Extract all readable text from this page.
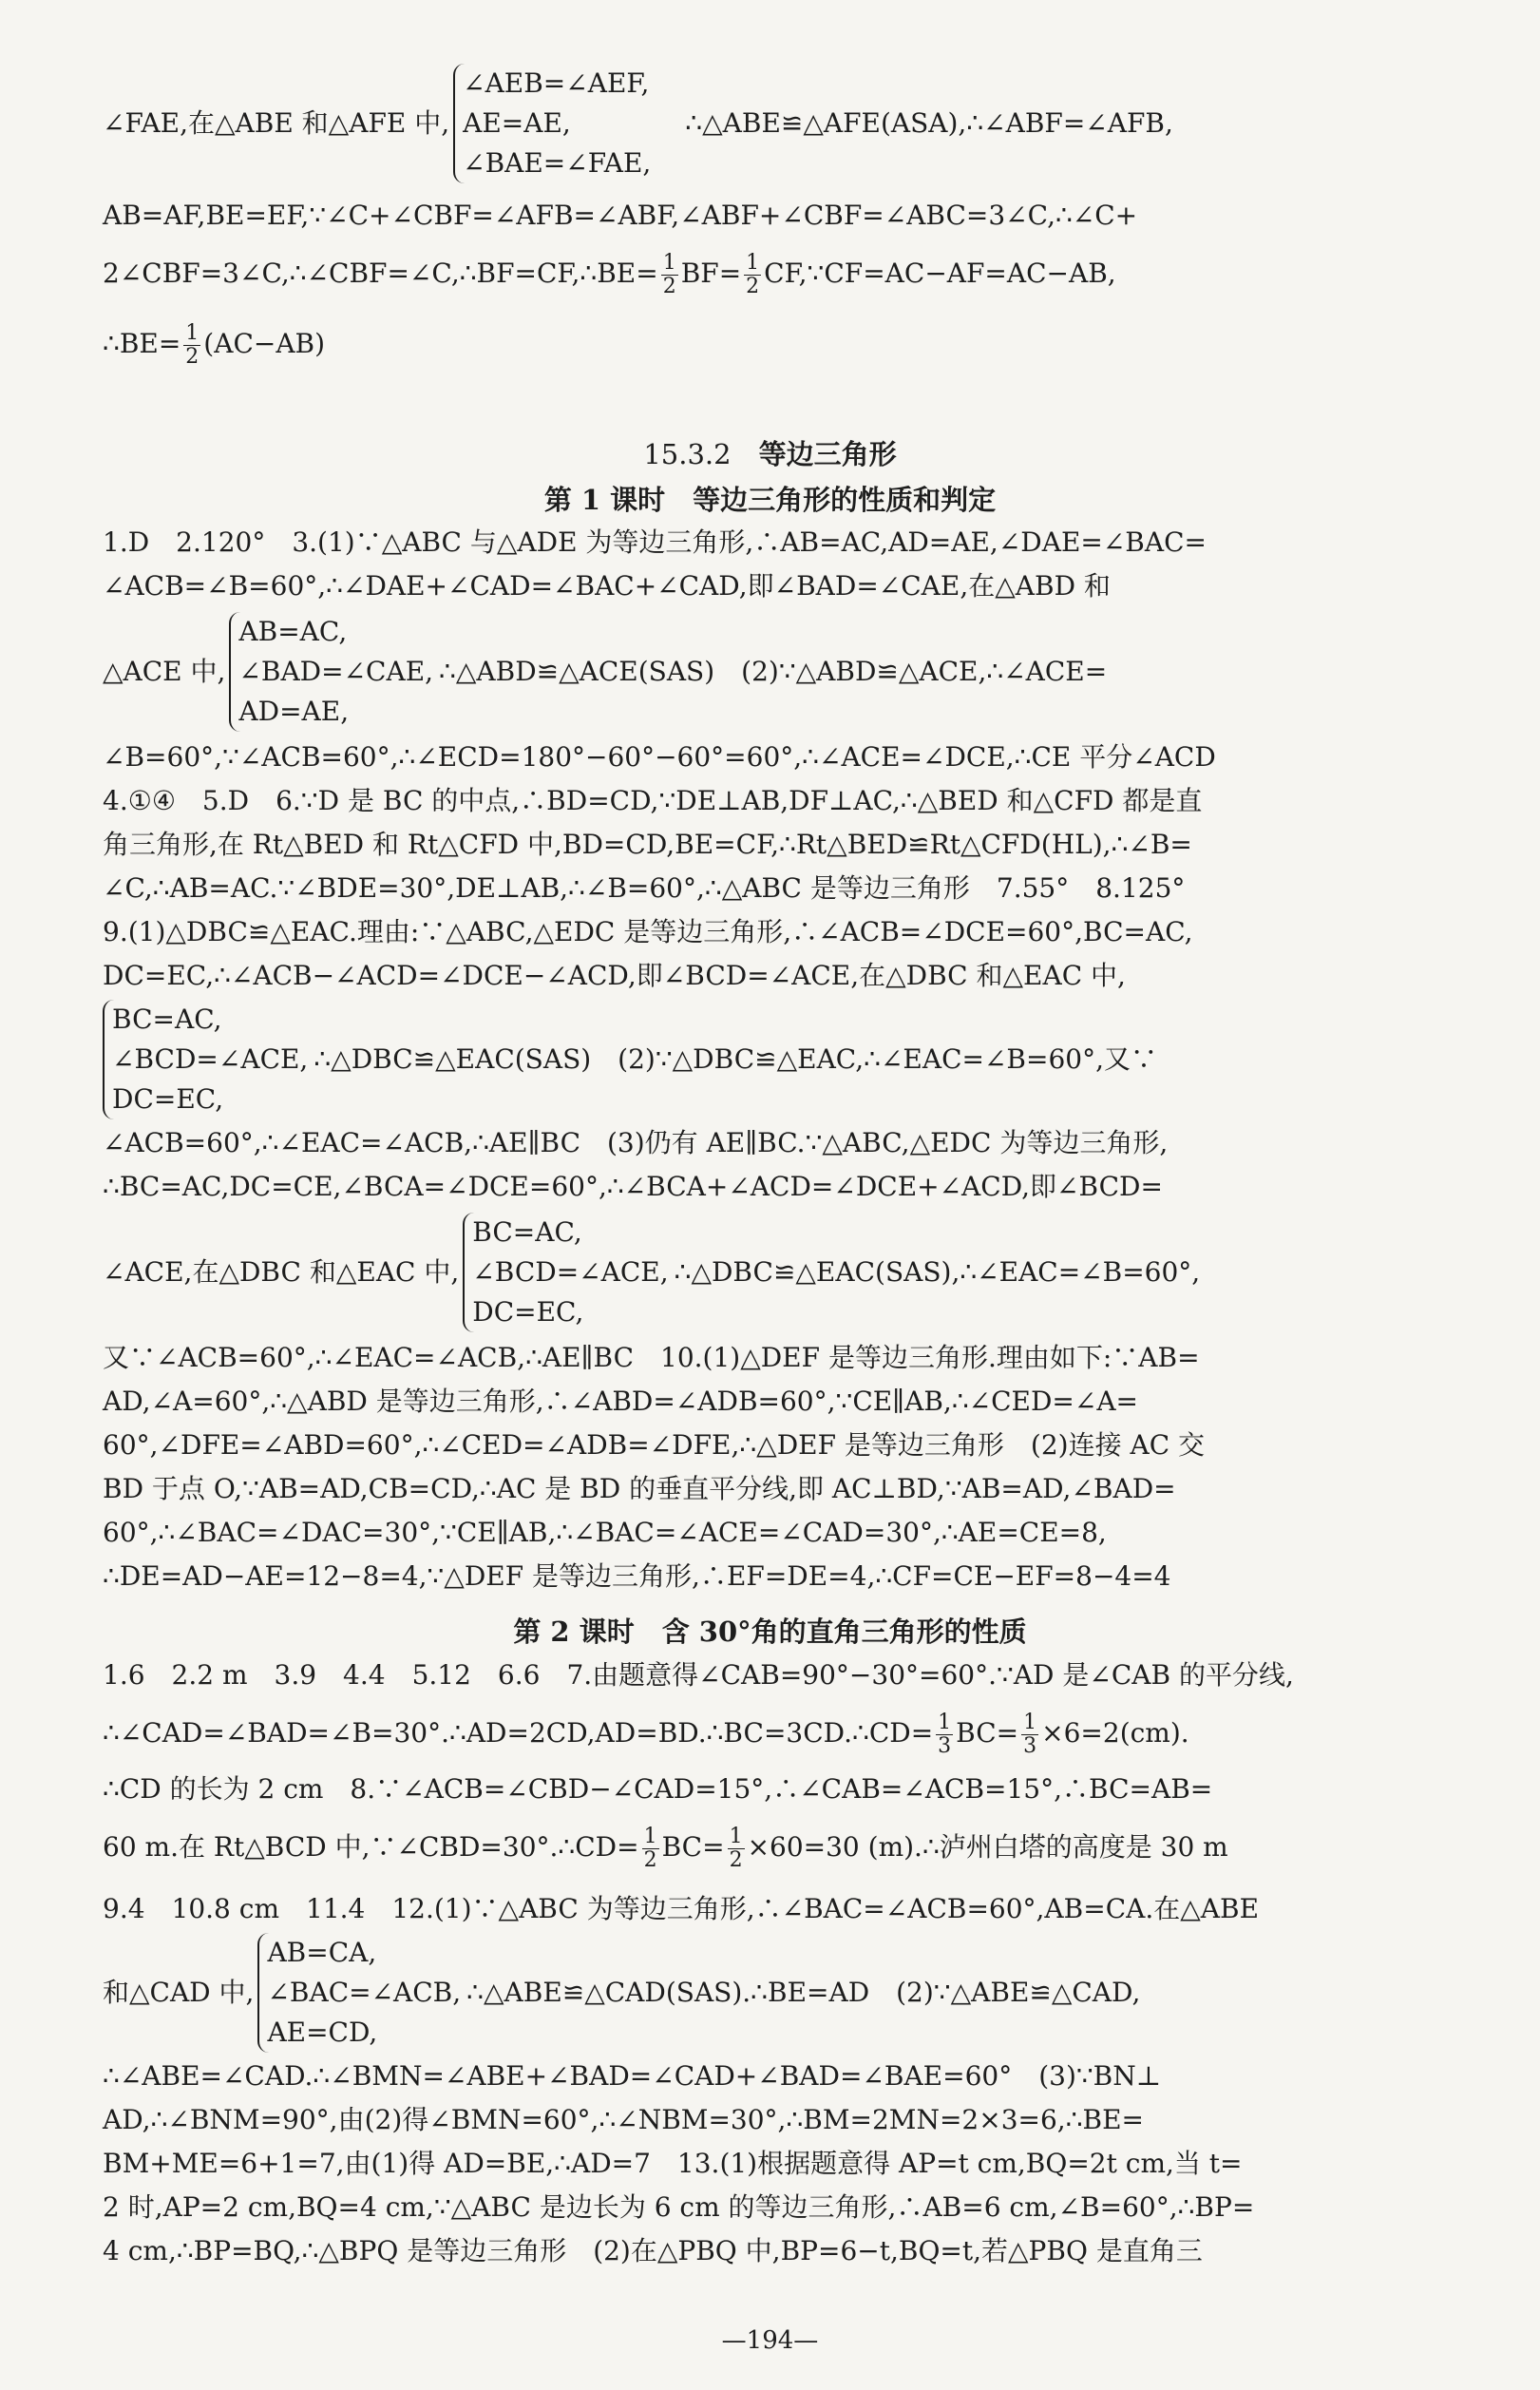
∠FAE,在△ABE 和△AFE 中,
∠AEB=∠AEF,
AE=AE,
∠BAE=∠FAE,
∴△ABE≌△AFE(ASA),∴∠ABF=∠AFB,
AB=AF,BE=EF,∵∠C+∠CBF=∠AFB=∠ABF,∠ABF+∠CBF=∠ABC=3∠C,∴∠C+
2∠CBF=3∠C,∴∠CBF=∠C,∴BF=CF,∴BE= $\frac{1}{2} BF= \frac{1}{2}$ CF,∵CF=AC−AF=AC−AB,
∴BE= $\frac{1}{2} (AC-AB)$
15.3.2　 等边三角形
第 1 课时　等边三角形的性质和判定
1.D　2.120°　3.(1)∵△ABC 与△ADE 为等边三角形,∴AB=AC,AD=AE,∠DAE=∠BAC=
∠ACB=∠B=60°,∴∠DAE+∠CAD=∠BAC+∠CAD,即∠BAD=∠CAE,在△ABD 和
△ACE 中,
AB=AC,
∠BAD=∠CAE,
AD=AE,
∴△ABD≌△ACE(SAS)　(2)∵△ABD≌△ACE,∴∠ACE=
∠B=60°,∵∠ACB=60°,∴∠ECD=180°−60°−60°=60°,∴∠ACE=∠DCE,∴CE 平分∠ACD
4.①④　5.D　6.∵D 是 BC 的中点,∴BD=CD,∵DE⊥AB,DF⊥AC,∴△BED 和△CFD 都是直
角三角形,在 Rt△BED 和 Rt△CFD 中,BD=CD,BE=CF,∴Rt△BED≌Rt△CFD(HL),∴∠B=
∠C,∴AB=AC.∵∠BDE=30°,DE⊥AB,∴∠B=60°,∴△ABC 是等边三角形　7.55°　8.125°
9.(1)△DBC≌△EAC.理由:∵△ABC,△EDC 是等边三角形,∴∠ACB=∠DCE=60°,BC=AC,
DC=EC,∴∠ACB−∠ACD=∠DCE−∠ACD,即∠BCD=∠ACE,在△DBC 和△EAC 中,
BC=AC,
∠BCD=∠ACE,
DC=EC,
∴△DBC≌△EAC(SAS)　(2)∵△DBC≌△EAC,∴∠EAC=∠B=60°,又∵
∠ACB=60°,∴∠EAC=∠ACB,∴AE∥BC　(3)仍有 AE∥BC.∵△ABC,△EDC 为等边三角形,
∴BC=AC,DC=CE,∠BCA=∠DCE=60°,∴∠BCA+∠ACD=∠DCE+∠ACD,即∠BCD=
∠ACE,在△DBC 和△EAC 中,
BC=AC,
∠BCD=∠ACE,
DC=EC,
∴△DBC≌△EAC(SAS),∴∠EAC=∠B=60°,
又∵∠ACB=60°,∴∠EAC=∠ACB,∴AE∥BC　10.(1)△DEF 是等边三角形.理由如下:∵AB=
AD,∠A=60°,∴△ABD 是等边三角形,∴∠ABD=∠ADB=60°,∵CE∥AB,∴∠CED=∠A=
60°,∠DFE=∠ABD=60°,∴∠CED=∠ADB=∠DFE,∴△DEF 是等边三角形　(2)连接 AC 交
BD 于点 O,∵AB=AD,CB=CD,∴AC 是 BD 的垂直平分线,即 AC⊥BD,∵AB=AD,∠BAD=
60°,∴∠BAC=∠DAC=30°,∵CE∥AB,∴∠BAC=∠ACE=∠CAD=30°,∴AE=CE=8,
∴DE=AD−AE=12−8=4,∵△DEF 是等边三角形,∴EF=DE=4,∴CF=CE−EF=8−4=4
第 2 课时　含 30°角的直角三角形的性质
1.6　2.2 m　3.9　4.4　5.12　6.6　7.由题意得∠CAB=90°−30°=60°.∵AD 是∠CAB 的平分线,
∴∠CAD=∠BAD=∠B=30°.∴AD=2CD,AD=BD.∴BC=3CD.∴CD= $\frac{1}{3} BC= \frac{1}{3} \times 6=2(cm)$.
∴CD 的长为 2 cm　8.∵∠ACB=∠CBD−∠CAD=15°,∴∠CAB=∠ACB=15°,∴BC=AB=
60 m.在 Rt△BCD 中,∵∠CBD=30°.∴CD= $\frac{1}{2} BC= \frac{1}{2} \times 60=30$ (m).∴泸州白塔的高度是 30 m
9.4　10.8 cm　11.4　12.(1)∵△ABC 为等边三角形,∴∠BAC=∠ACB=60°,AB=CA.在△ABE
和△CAD 中,
AB=CA,
∠BAC=∠ACB,
AE=CD,
∴△ABE≌△CAD(SAS).∴BE=AD　(2)∵△ABE≌△CAD,
∴∠ABE=∠CAD.∴∠BMN=∠ABE+∠BAD=∠CAD+∠BAD=∠BAE=60°　(3)∵BN⊥
AD,∴∠BNM=90°,由(2)得∠BMN=60°,∴∠NBM=30°,∴BM=2MN=2×3=6,∴BE=
BM+ME=6+1=7,由(1)得 AD=BE,∴AD=7　13.(1)根据题意得 AP=t cm,BQ=2t cm,当 t=
2 时,AP=2 cm,BQ=4 cm,∵△ABC 是边长为 6 cm 的等边三角形,∴AB=6 cm,∠B=60°,∴BP=
4 cm,∴BP=BQ,∴△BPQ 是等边三角形　(2)在△PBQ 中,BP=6−t,BQ=t,若△PBQ 是直角三
—194—
